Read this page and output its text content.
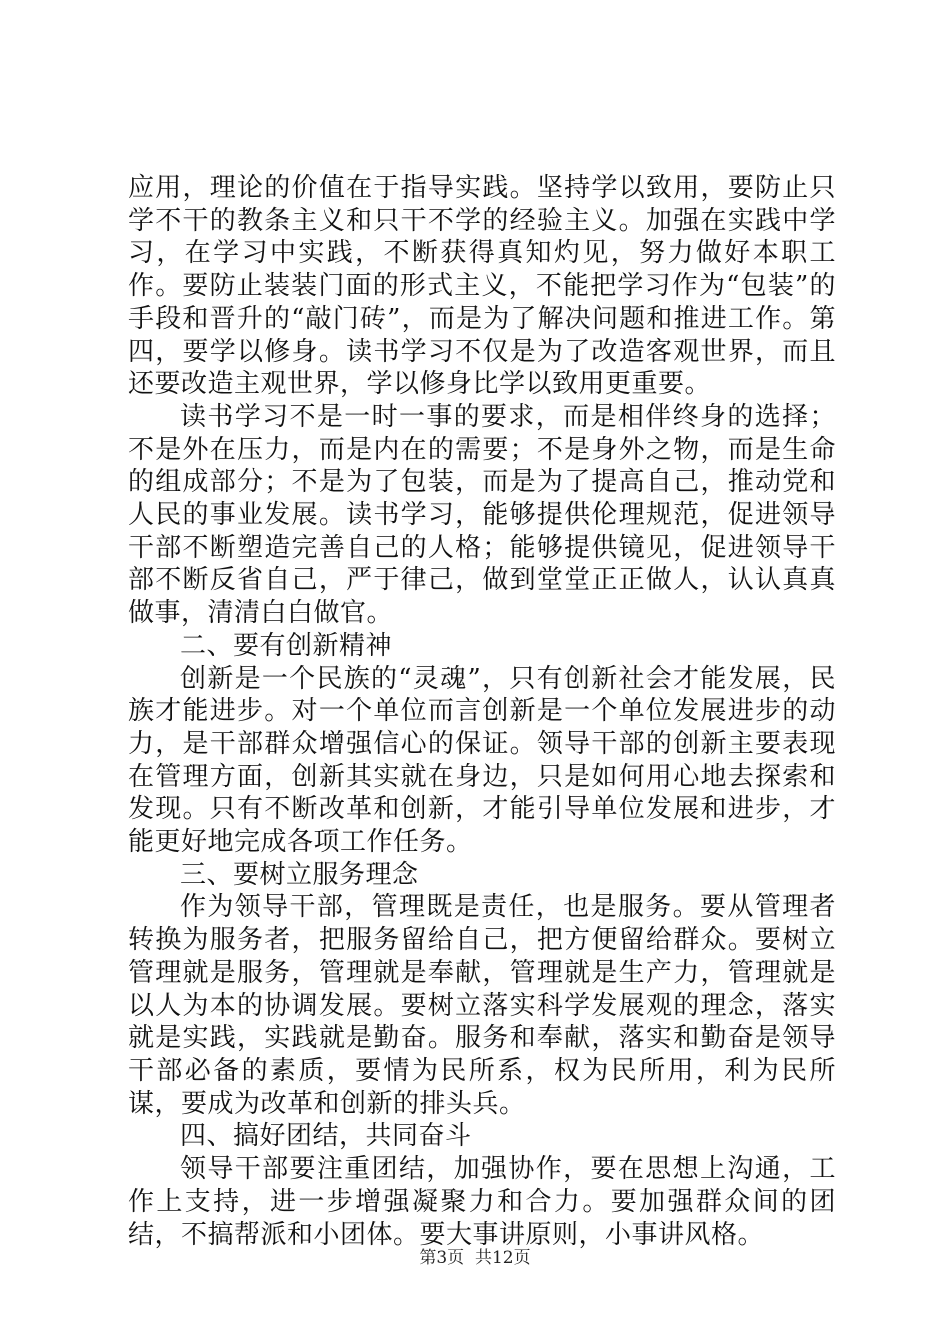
应用，理论的价值在于指导实践。坚持学以致用，要防止只学不干的教条主义和只干不学的经验主义。加强在实践中学习，在学习中实践，不断获得真知灼见，努力做好本职工作。要防止装装门面的形式主义，不能把学习作为“包装”的手段和晋升的“敲门砖”，而是为了解决问题和推进工作。第四，要学以修身。读书学习不仅是为了改造客观世界，而且还要改造主观世界，学以修身比学以致用更重要。

读书学习不是一时一事的要求，而是相伴终身的选择；不是外在压力，而是内在的需要；不是身外之物，而是生命的组成部分；不是为了包装，而是为了提高自己，推动党和人民的事业发展。读书学习，能够提供伦理规范，促进领导干部不断塑造完善自己的人格；能够提供镜见，促进领导干部不断反省自己，严于律己，做到堂堂正正做人，认认真真做事，清清白白做官。

二、要有创新精神

创新是一个民族的“灵魂”，只有创新社会才能发展，民族才能进步。对一个单位而言创新是一个单位发展进步的动力，是干部群众增强信心的保证。领导干部的创新主要表现在管理方面，创新其实就在身边，只是如何用心地去探索和发现。只有不断改革和创新，才能引导单位发展和进步，才能更好地完成各项工作任务。

三、要树立服务理念

作为领导干部，管理既是责任，也是服务。要从管理者转换为服务者，把服务留给自己，把方便留给群众。要树立管理就是服务，管理就是奉献，管理就是生产力，管理就是以人为本的协调发展。要树立落实科学发展观的理念，落实就是实践，实践就是勤奋。服务和奉献，落实和勤奋是领导干部必备的素质，要情为民所系，权为民所用，利为民所谋，要成为改革和创新的排头兵。

四、搞好团结，共同奋斗

领导干部要注重团结，加强协作，要在思想上沟通，工作上支持，进一步增强凝聚力和合力。要加强群众间的团结，不搞帮派和小团体。要大事讲原则，小事讲风格。

第3页  共12页
